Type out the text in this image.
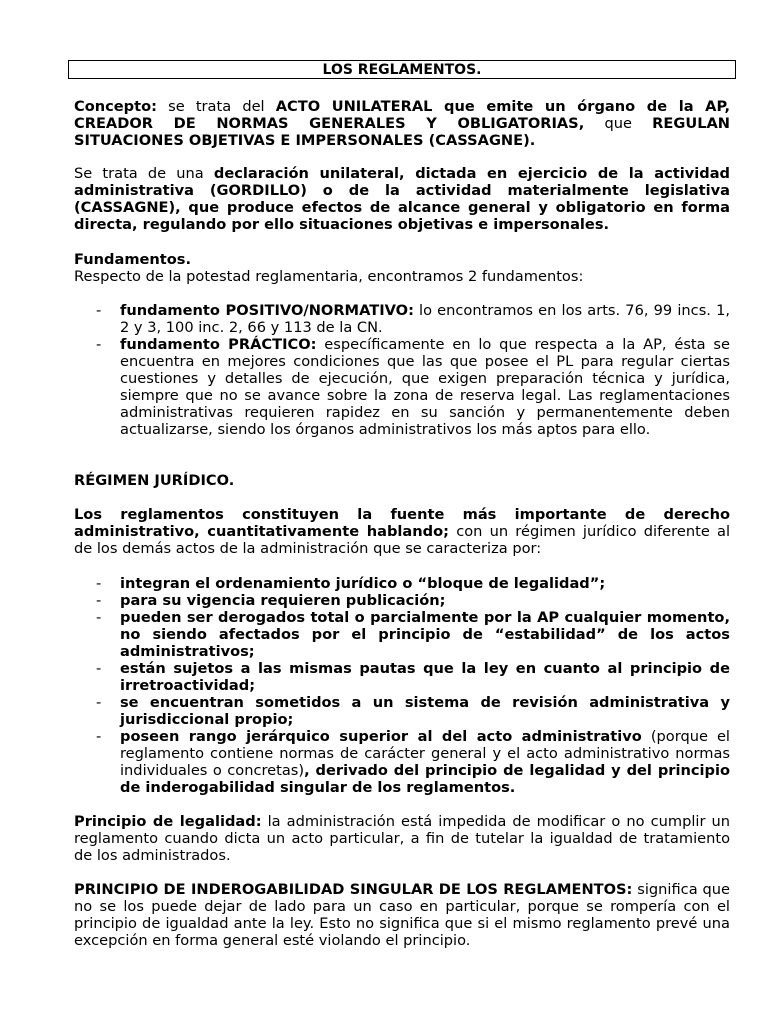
LOS REGLAMENTOS.

Concepto: se trata del ACTO UNILATERAL que emite un órgano de la AP, CREADOR DE NORMAS GENERALES Y OBLIGATORIAS, que REGULAN SITUACIONES OBJETIVAS E IMPERSONALES (CASSAGNE).

Se trata de una declaración unilateral, dictada en ejercicio de la actividad administrativa (GORDILLO) o de la actividad materialmente legislativa (CASSAGNE), que produce efectos de alcance general y obligatorio en forma directa, regulando por ello situaciones objetivas e impersonales.

Fundamentos.

Respecto de la potestad reglamentaria, encontramos 2 fundamentos:

- fundamento POSITIVO/NORMATIVO: lo encontramos en los arts. 76, 99 incs. 1, 2 y 3, 100 inc. 2, 66 y 113 de la CN.
- fundamento PRÁCTICO: específicamente en lo que respecta a la AP, ésta se encuentra en mejores condiciones que las que posee el PL para regular ciertas cuestiones y detalles de ejecución, que exigen preparación técnica y jurídica, siempre que no se avance sobre la zona de reserva legal. Las reglamentaciones administrativas requieren rapidez en su sanción y permanentemente deben actualizarse, siendo los órganos administrativos los más aptos para ello.

RÉGIMEN JURÍDICO.

Los reglamentos constituyen la fuente más importante de derecho administrativo, cuantitativamente hablando; con un régimen jurídico diferente al de los demás actos de la administración que se caracteriza por:

- integran el ordenamiento jurídico o “bloque de legalidad”;
- para su vigencia requieren publicación;
- pueden ser derogados total o parcialmente por la AP cualquier momento, no siendo afectados por el principio de “estabilidad” de los actos administrativos;
- están sujetos a las mismas pautas que la ley en cuanto al principio de irretroactividad;
- se encuentran sometidos a un sistema de revisión administrativa y jurisdiccional propio;
- poseen rango jerárquico superior al del acto administrativo (porque el reglamento contiene normas de carácter general y el acto administrativo normas individuales o concretas), derivado del principio de legalidad y del principio de inderogabilidad singular de los reglamentos.

Principio de legalidad: la administración está impedida de modificar o no cumplir un reglamento cuando dicta un acto particular, a fin de tutelar la igualdad de tratamiento de los administrados.

PRINCIPIO DE INDEROGABILIDAD SINGULAR DE LOS REGLAMENTOS: significa que no se los puede dejar de lado para un caso en particular, porque se rompería con el principio de igualdad ante la ley. Esto no significa que si el mismo reglamento prevé una excepción en forma general esté violando el principio.
